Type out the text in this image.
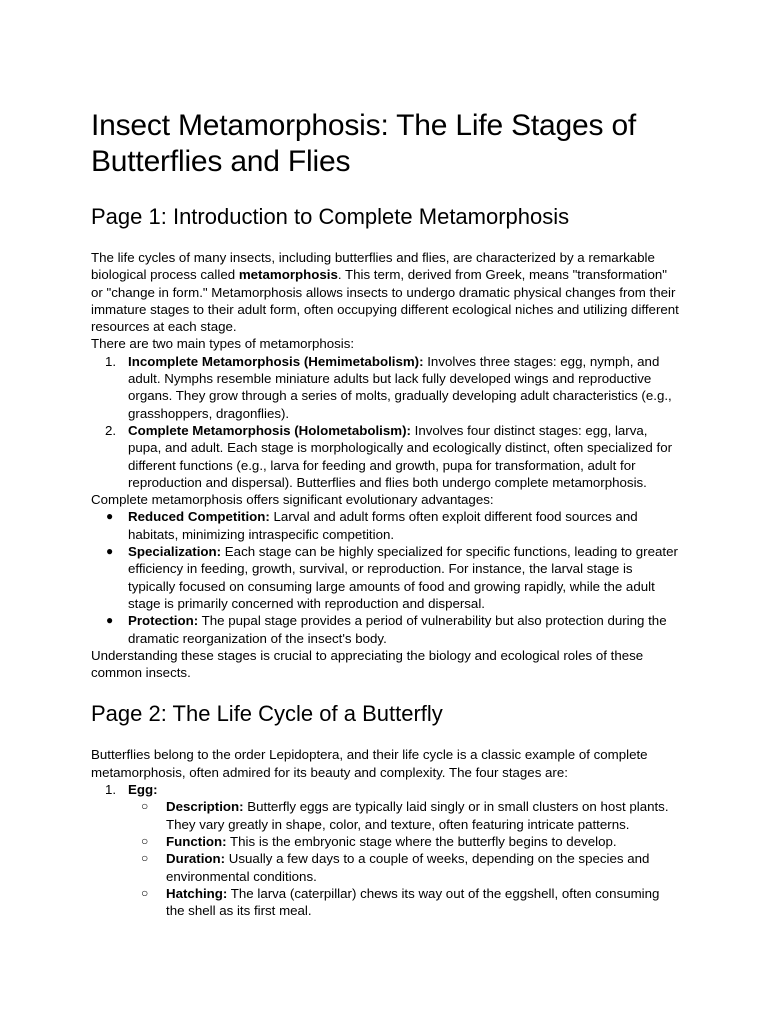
Insect Metamorphosis: The Life Stages of Butterflies and Flies
Page 1: Introduction to Complete Metamorphosis

The life cycles of many insects, including butterflies and flies, are characterized by a remarkable biological process called metamorphosis. This term, derived from Greek, means "transformation" or "change in form." Metamorphosis allows insects to undergo dramatic physical changes from their immature stages to their adult form, often occupying different ecological niches and utilizing different resources at each stage.

There are two main types of metamorphosis:

1. Incomplete Metamorphosis (Hemimetabolism): Involves three stages: egg, nymph, and adult. Nymphs resemble miniature adults but lack fully developed wings and reproductive organs. They grow through a series of molts, gradually developing adult characteristics (e.g., grasshoppers, dragonflies).
2. Complete Metamorphosis (Holometabolism): Involves four distinct stages: egg, larva, pupa, and adult. Each stage is morphologically and ecologically distinct, often specialized for different functions (e.g., larva for feeding and growth, pupa for transformation, adult for reproduction and dispersal). Butterflies and flies both undergo complete metamorphosis.

Complete metamorphosis offers significant evolutionary advantages:

● Reduced Competition: Larval and adult forms often exploit different food sources and habitats, minimizing intraspecific competition.
● Specialization: Each stage can be highly specialized for specific functions, leading to greater efficiency in feeding, growth, survival, or reproduction. For instance, the larval stage is typically focused on consuming large amounts of food and growing rapidly, while the adult stage is primarily concerned with reproduction and dispersal.
● Protection: The pupal stage provides a period of vulnerability but also protection during the dramatic reorganization of the insect's body.

Understanding these stages is crucial to appreciating the biology and ecological roles of these common insects.

Page 2: The Life Cycle of a Butterfly

Butterflies belong to the order Lepidoptera, and their life cycle is a classic example of complete metamorphosis, often admired for its beauty and complexity. The four stages are:

1. Egg:
○ Description: Butterfly eggs are typically laid singly or in small clusters on host plants. They vary greatly in shape, color, and texture, often featuring intricate patterns.
○ Function: This is the embryonic stage where the butterfly begins to develop.
○ Duration: Usually a few days to a couple of weeks, depending on the species and environmental conditions.
○ Hatching: The larva (caterpillar) chews its way out of the eggshell, often consuming the shell as its first meal.
